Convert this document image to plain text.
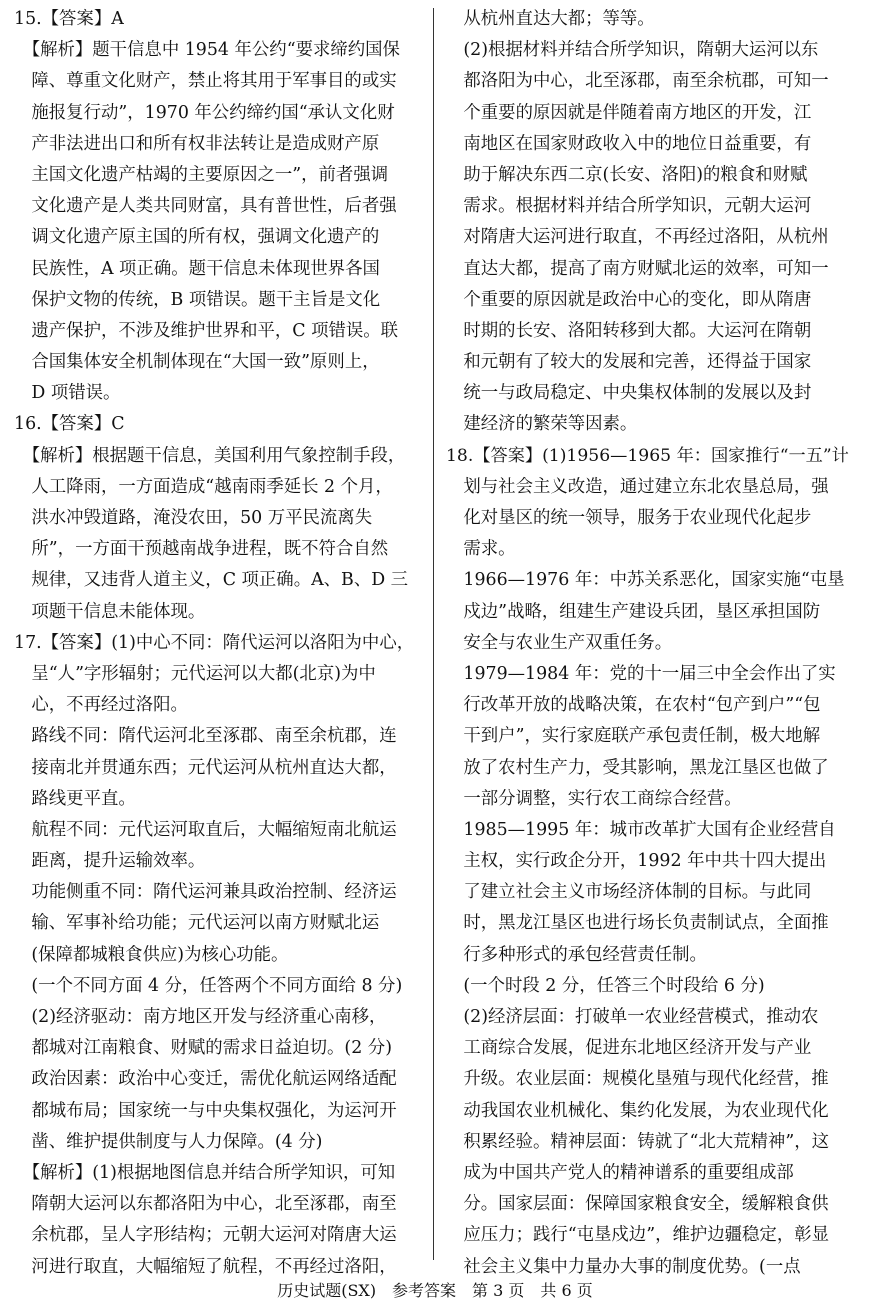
15.【答案】A
　【解析】题干信息中 1954 年公约“要求缔约国保
　障、尊重文化财产，禁止将其用于军事目的或实
　施报复行动”，1970 年公约缔约国“承认文化财
　产非法进出口和所有权非法转让是造成财产原
　主国文化遗产枯竭的主要原因之一”，前者强调
　文化遗产是人类共同财富，具有普世性，后者强
　调文化遗产原主国的所有权，强调文化遗产的
　民族性，A 项正确。题干信息未体现世界各国
　保护文物的传统，B 项错误。题干主旨是文化
　遗产保护，不涉及维护世界和平，C 项错误。联
　合国集体安全机制体现在“大国一致”原则上，
　D 项错误。
16.【答案】C
　【解析】根据题干信息，美国利用气象控制手段，
　人工降雨，一方面造成“越南雨季延长 2 个月，
　洪水冲毁道路，淹没农田，50 万平民流离失
　所”，一方面干预越南战争进程，既不符合自然
　规律，又违背人道主义，C 项正确。A、B、D 三
　项题干信息未能体现。
17.【答案】(1)中心不同：隋代运河以洛阳为中心，
　呈“人”字形辐射；元代运河以大都(北京)为中
　心，不再经过洛阳。
　路线不同：隋代运河北至涿郡、南至余杭郡，连
　接南北并贯通东西；元代运河从杭州直达大都，
　路线更平直。
　航程不同：元代运河取直后，大幅缩短南北航运
　距离，提升运输效率。
　功能侧重不同：隋代运河兼具政治控制、经济运
　输、军事补给功能；元代运河以南方财赋北运
　(保障都城粮食供应)为核心功能。
　(一个不同方面 4 分，任答两个不同方面给 8 分)
　(2)经济驱动：南方地区开发与经济重心南移，
　都城对江南粮食、财赋的需求日益迫切。(2 分)
　政治因素：政治中心变迁，需优化航运网络适配
　都城布局；国家统一与中央集权强化，为运河开
　凿、维护提供制度与人力保障。(4 分)
　【解析】(1)根据地图信息并结合所学知识，可知
　隋朝大运河以东都洛阳为中心，北至涿郡，南至
　余杭郡，呈人字形结构；元朝大运河对隋唐大运
　河进行取直，大幅缩短了航程，不再经过洛阳，
　从杭州直达大都；等等。
　(2)根据材料并结合所学知识，隋朝大运河以东
　都洛阳为中心，北至涿郡，南至余杭郡，可知一
　个重要的原因就是伴随着南方地区的开发，江
　南地区在国家财政收入中的地位日益重要，有
　助于解决东西二京(长安、洛阳)的粮食和财赋
　需求。根据材料并结合所学知识，元朝大运河
　对隋唐大运河进行取直，不再经过洛阳，从杭州
　直达大都，提高了南方财赋北运的效率，可知一
　个重要的原因就是政治中心的变化，即从隋唐
　时期的长安、洛阳转移到大都。大运河在隋朝
　和元朝有了较大的发展和完善，还得益于国家
　统一与政局稳定、中央集权体制的发展以及封
　建经济的繁荣等因素。
18.【答案】(1)1956—1965 年：国家推行“一五”计
　划与社会主义改造，通过建立东北农垦总局，强
　化对垦区的统一领导，服务于农业现代化起步
　需求。
　1966—1976 年：中苏关系恶化，国家实施“屯垦
　戍边”战略，组建生产建设兵团，垦区承担国防
　安全与农业生产双重任务。
　1979—1984 年：党的十一届三中全会作出了实
　行改革开放的战略决策，在农村“包产到户”“包
　干到户”，实行家庭联产承包责任制，极大地解
　放了农村生产力，受其影响，黑龙江垦区也做了
　一部分调整，实行农工商综合经营。
　1985—1995 年：城市改革扩大国有企业经营自
　主权，实行政企分开，1992 年中共十四大提出
　了建立社会主义市场经济体制的目标。与此同
　时，黑龙江垦区也进行场长负责制试点，全面推
　行多种形式的承包经营责任制。
　(一个时段 2 分，任答三个时段给 6 分)
　(2)经济层面：打破单一农业经营模式，推动农
　工商综合发展，促进东北地区经济开发与产业
　升级。农业层面：规模化垦殖与现代化经营，推
　动我国农业机械化、集约化发展，为农业现代化
　积累经验。精神层面：铸就了“北大荒精神”，这
　成为中国共产党人的精神谱系的重要组成部
　分。国家层面：保障国家粮食安全，缓解粮食供
　应压力；践行“屯垦戍边”，维护边疆稳定，彰显
　社会主义集中力量办大事的制度优势。(一点
历史试题(SX)　参考答案　第 3 页　共 6 页
